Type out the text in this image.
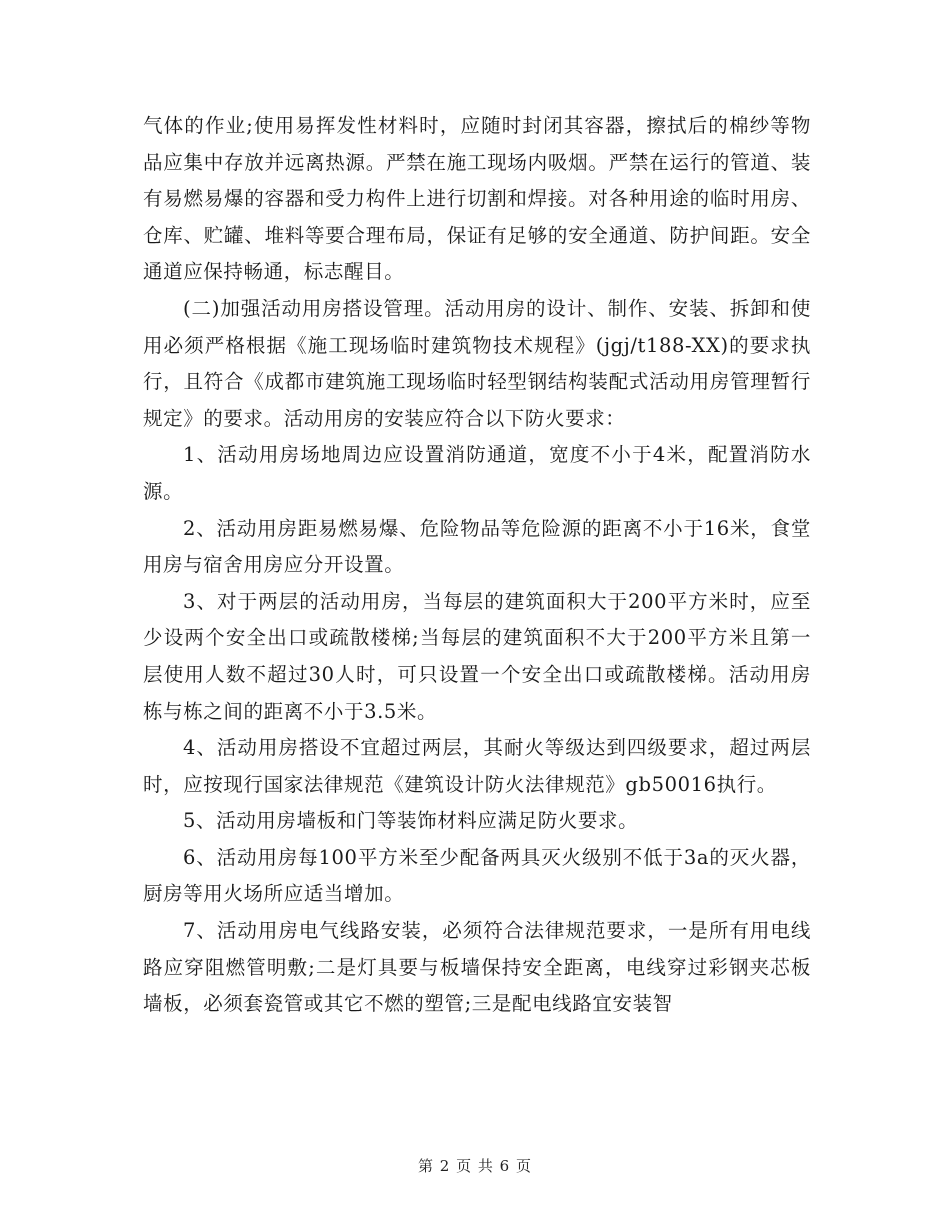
气体的作业;使用易挥发性材料时，应随时封闭其容器，擦拭后的棉纱等物品应集中存放并远离热源。严禁在施工现场内吸烟。严禁在运行的管道、装有易燃易爆的容器和受力构件上进行切割和焊接。对各种用途的临时用房、仓库、贮罐、堆料等要合理布局，保证有足够的安全通道、防护间距。安全通道应保持畅通，标志醒目。

(二)加强活动用房搭设管理。活动用房的设计、制作、安装、拆卸和使用必须严格根据《施工现场临时建筑物技术规程》(jgj/t188-XX)的要求执行，且符合《成都市建筑施工现场临时轻型钢结构装配式活动用房管理暂行规定》的要求。活动用房的安装应符合以下防火要求：

1、活动用房场地周边应设置消防通道，宽度不小于4米，配置消防水源。

2、活动用房距易燃易爆、危险物品等危险源的距离不小于16米，食堂用房与宿舍用房应分开设置。

3、对于两层的活动用房，当每层的建筑面积大于200平方米时，应至少设两个安全出口或疏散楼梯;当每层的建筑面积不大于200平方米且第一层使用人数不超过30人时，可只设置一个安全出口或疏散楼梯。活动用房栋与栋之间的距离不小于3.5米。

4、活动用房搭设不宜超过两层，其耐火等级达到四级要求，超过两层时，应按现行国家法律规范《建筑设计防火法律规范》gb50016执行。

5、活动用房墙板和门等装饰材料应满足防火要求。

6、活动用房每100平方米至少配备两具灭火级别不低于3a的灭火器，厨房等用火场所应适当增加。

7、活动用房电气线路安装，必须符合法律规范要求，一是所有用电线路应穿阻燃管明敷;二是灯具要与板墙保持安全距离，电线穿过彩钢夹芯板墙板，必须套瓷管或其它不燃的塑管;三是配电线路宜安装智

第 2 页 共 6 页
